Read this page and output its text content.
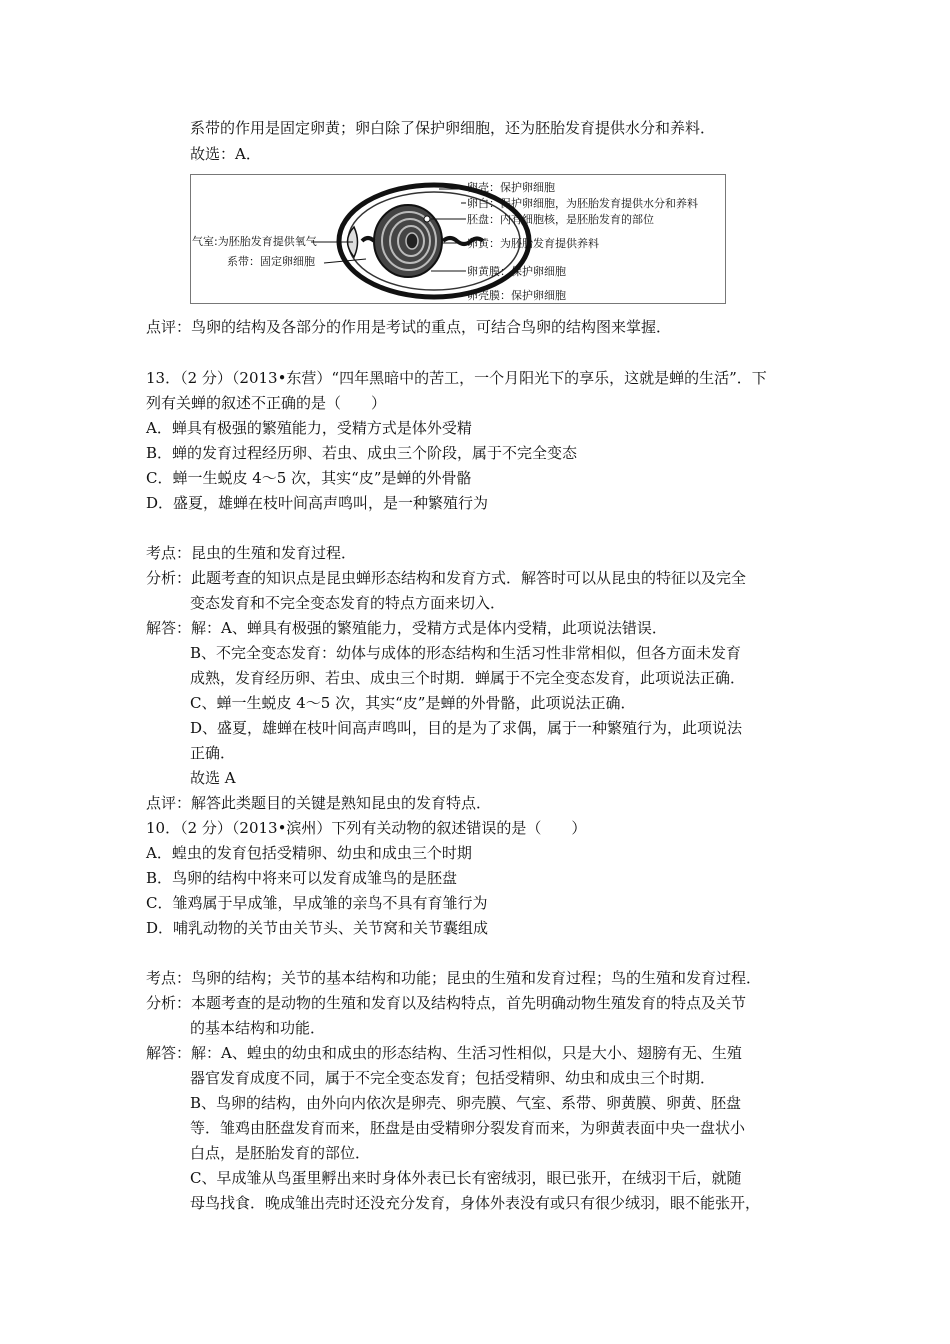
系带的作用是固定卵黄；卵白除了保护卵细胞，还为胚胎发育提供水分和养料．
故选：A．
卵壳：保护卵细胞
卵白：保护卵细胞，为胚胎发育提供水分和养料
胚盘：内有细胞核，是胚胎发育的部位
卵黄：为胚胎发育提供养料
卵黄膜：保护卵细胞
卵壳膜：保护卵细胞
气室:为胚胎发育提供氧气
系带：固定卵细胞
点评：鸟卵的结构及各部分的作用是考试的重点，可结合鸟卵的结构图来掌握．
13．（2 分）（2013•东营）“四年黑暗中的苦工，一个月阳光下的享乐，这就是蝉的生活”．下
列有关蝉的叙述不正确的是（　　）
A．蝉具有极强的繁殖能力，受精方式是体外受精
B．蝉的发育过程经历卵、若虫、成虫三个阶段，属于不完全变态
C．蝉一生蜕皮 4～5 次，其实“皮”是蝉的外骨骼
D．盛夏，雄蝉在枝叶间高声鸣叫，是一种繁殖行为
考点：昆虫的生殖和发育过程．
分析：此题考查的知识点是昆虫蝉形态结构和发育方式．解答时可以从昆虫的特征以及完全
变态发育和不完全变态发育的特点方面来切入．
解答：解：A、蝉具有极强的繁殖能力，受精方式是体内受精，此项说法错误．
B、不完全变态发育：幼体与成体的形态结构和生活习性非常相似，但各方面未发育
成熟，发育经历卵、若虫、成虫三个时期．蝉属于不完全变态发育，此项说法正确．
C、蝉一生蜕皮 4～5 次，其实“皮”是蝉的外骨骼，此项说法正确．
D、盛夏，雄蝉在枝叶间高声鸣叫，目的是为了求偶，属于一种繁殖行为，此项说法
正确．
故选 A
点评：解答此类题目的关键是熟知昆虫的发育特点．
10．（2 分）（2013•滨州）下列有关动物的叙述错误的是（　　）
A．蝗虫的发育包括受精卵、幼虫和成虫三个时期
B．鸟卵的结构中将来可以发育成雏鸟的是胚盘
C．雏鸡属于早成雏，早成雏的亲鸟不具有育雏行为
D．哺乳动物的关节由关节头、关节窝和关节囊组成
考点：鸟卵的结构；关节的基本结构和功能；昆虫的生殖和发育过程；鸟的生殖和发育过程．
分析：本题考查的是动物的生殖和发育以及结构特点，首先明确动物生殖发育的特点及关节
的基本结构和功能．
解答：解：A、蝗虫的幼虫和成虫的形态结构、生活习性相似，只是大小、翅膀有无、生殖
器官发育成度不同，属于不完全变态发育；包括受精卵、幼虫和成虫三个时期．
B、鸟卵的结构，由外向内依次是卵壳、卵壳膜、气室、系带、卵黄膜、卵黄、胚盘
等．雏鸡由胚盘发育而来，胚盘是由受精卵分裂发育而来，为卵黄表面中央一盘状小
白点，是胚胎发育的部位．
C、早成雏从鸟蛋里孵出来时身体外表已长有密绒羽，眼已张开，在绒羽干后，就随
母鸟找食．晚成雏出壳时还没充分发育，身体外表没有或只有很少绒羽，眼不能张开，
